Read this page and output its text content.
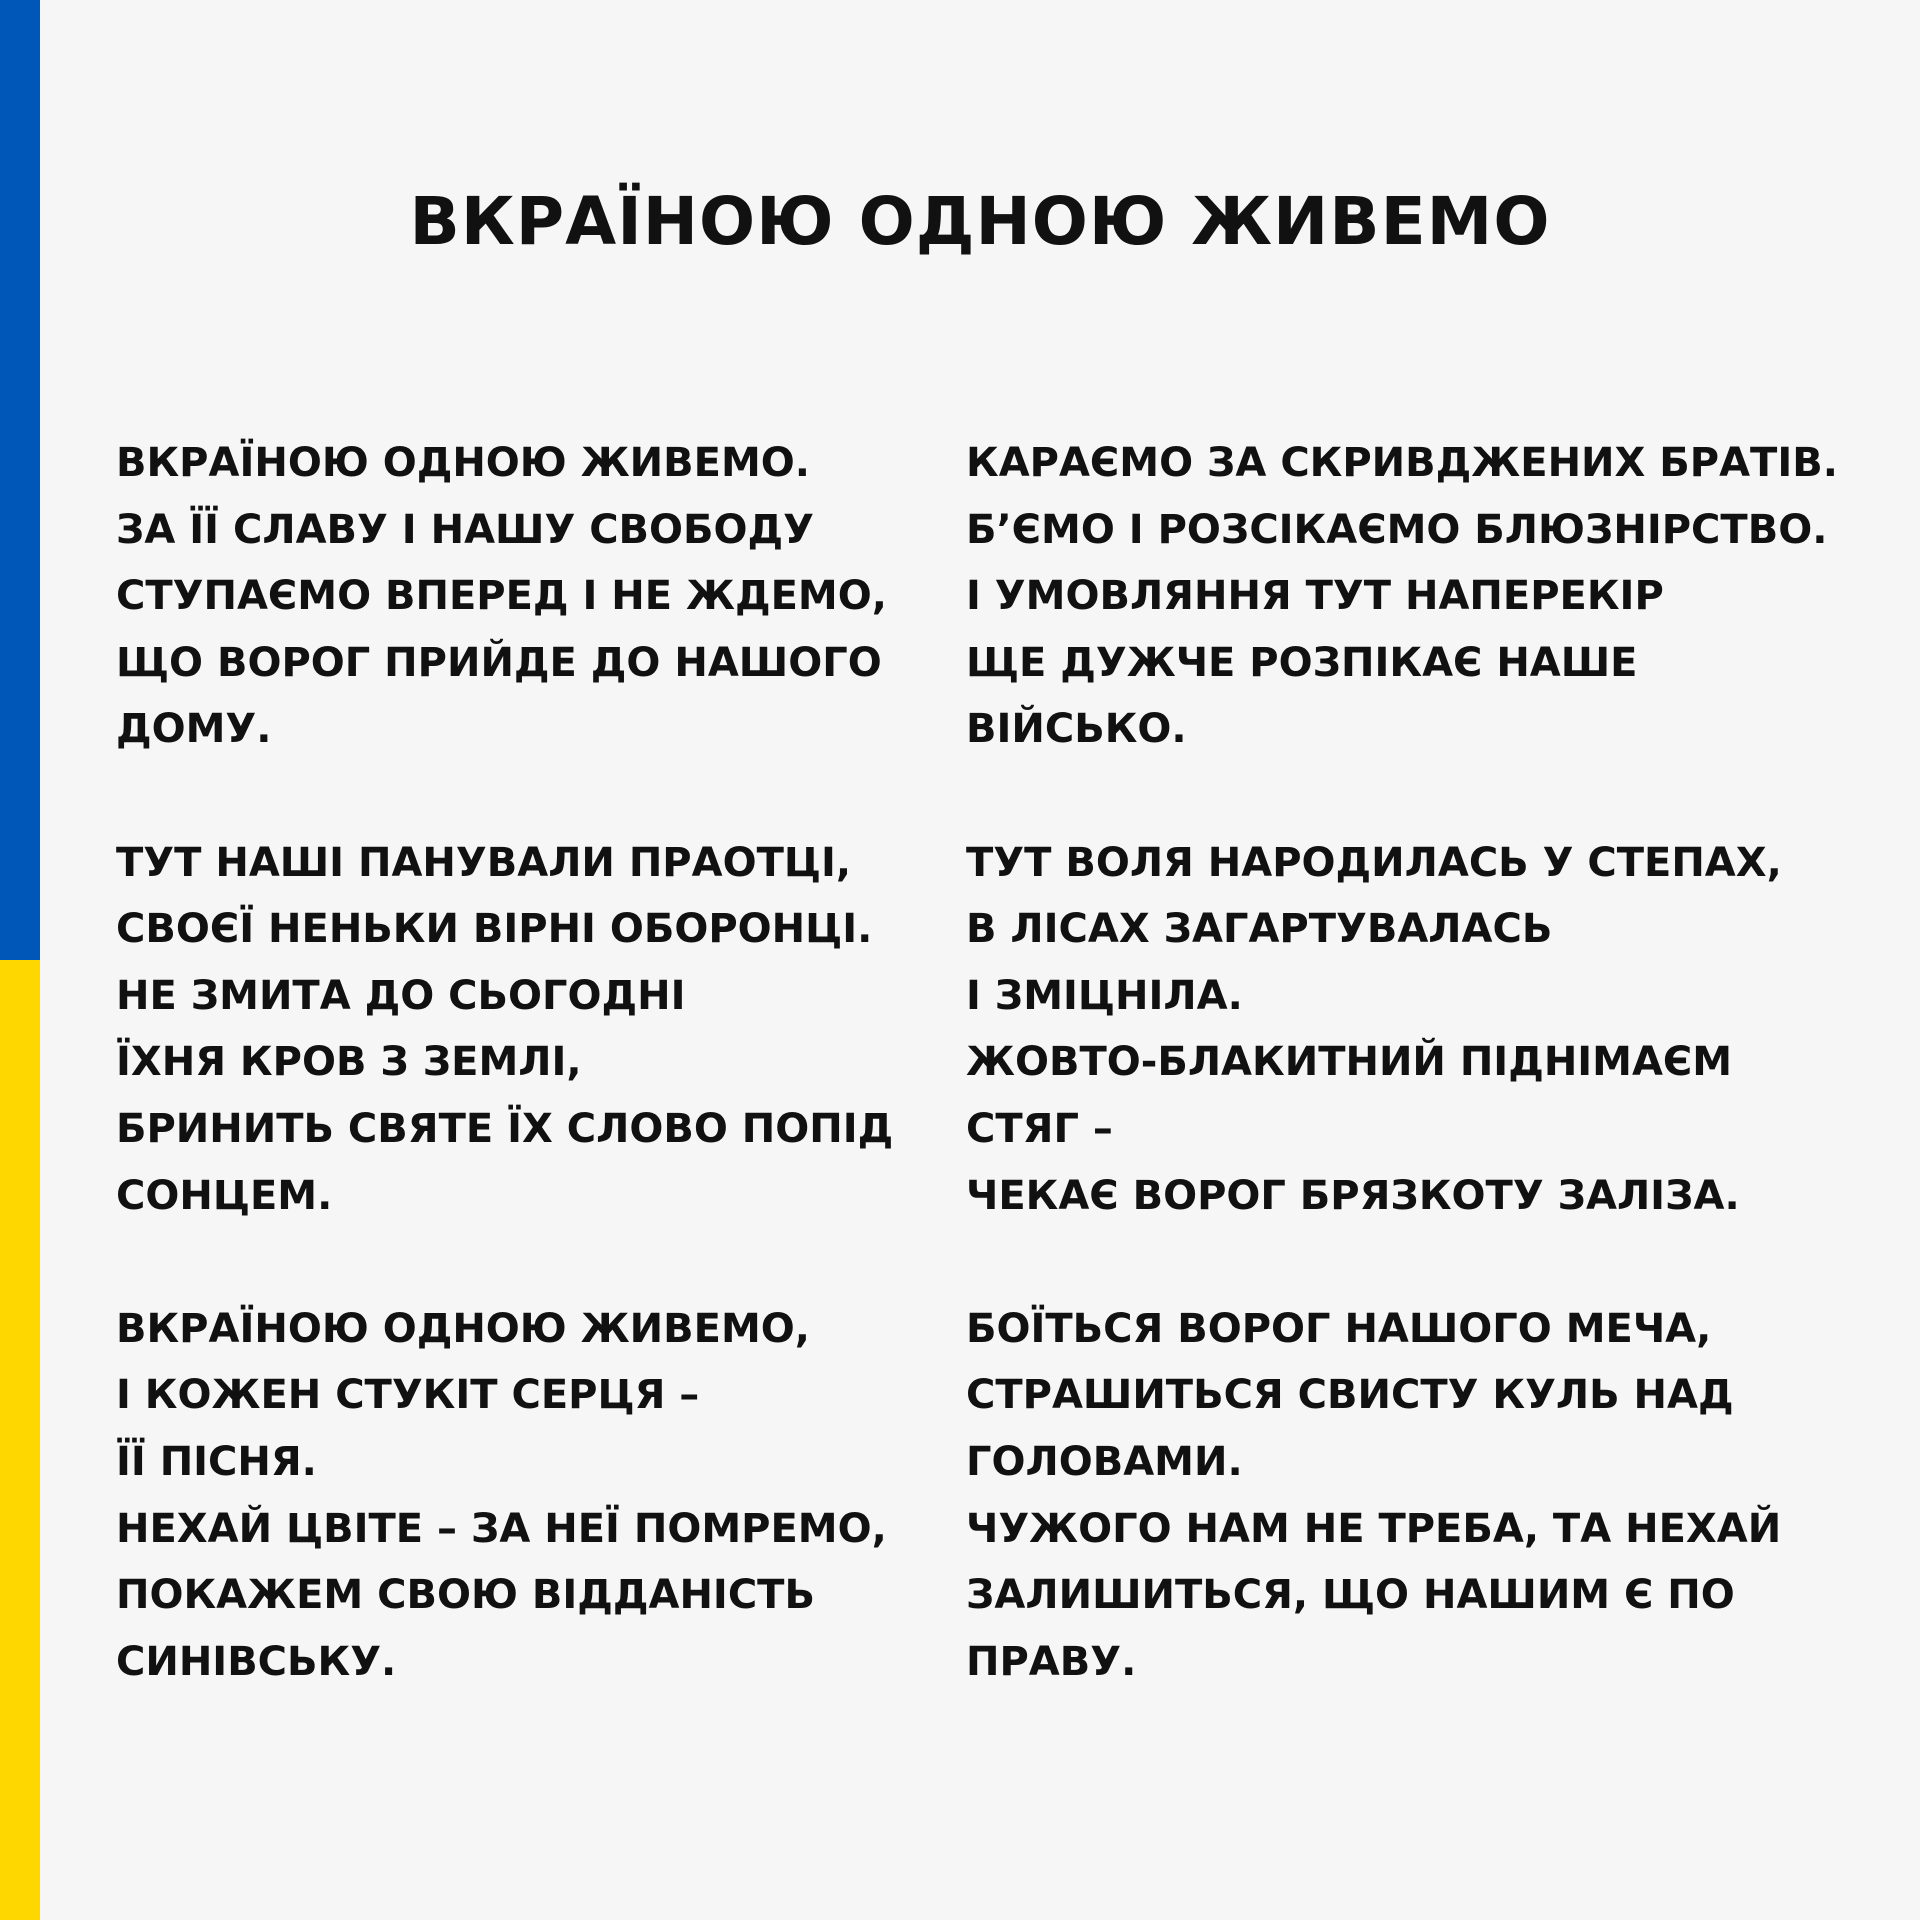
ВКРАЇНОЮ ОДНОЮ ЖИВЕМО
ВКРАЇНОЮ ОДНОЮ ЖИВЕМО.
ЗА ЇЇ СЛАВУ І НАШУ СВОБОДУ
СТУПАЄМО ВПЕРЕД І НЕ ЖДЕМО,
ЩО ВОРОГ ПРИЙДЕ ДО НАШОГО
ДОМУ.
ТУТ НАШІ ПАНУВАЛИ ПРАОТЦІ,
СВОЄЇ НЕНЬКИ ВІРНІ ОБОРОНЦІ.
НЕ ЗМИТА ДО СЬОГОДНІ
ЇХНЯ КРОВ З ЗЕМЛІ,
БРИНИТЬ СВЯТЕ ЇХ СЛОВО ПОПІД
СОНЦЕМ.
ВКРАЇНОЮ ОДНОЮ ЖИВЕМО,
І КОЖЕН СТУКІТ СЕРЦЯ –
ЇЇ ПІСНЯ.
НЕХАЙ ЦВІТЕ – ЗА НЕЇ ПОМРЕМО,
ПОКАЖЕМ СВОЮ ВІДДАНІСТЬ
СИНІВСЬКУ.
КАРАЄМО ЗА СКРИВДЖЕНИХ БРАТІВ.
Б’ЄМО І РОЗСІКАЄМО БЛЮЗНІРСТВО.
І УМОВЛЯННЯ ТУТ НАПЕРЕКІР
ЩЕ ДУЖЧЕ РОЗПІКАЄ НАШЕ
ВІЙСЬКО.
ТУТ ВОЛЯ НАРОДИЛАСЬ У СТЕПАХ,
В ЛІСАХ ЗАГАРТУВАЛАСЬ
І ЗМІЦНІЛА.
ЖОВТО-БЛАКИТНИЙ ПІДНІМАЄМ
СТЯГ –
ЧЕКАЄ ВОРОГ БРЯЗКОТУ ЗАЛІЗА.
БОЇТЬСЯ ВОРОГ НАШОГО МЕЧА,
СТРАШИТЬСЯ СВИСТУ КУЛЬ НАД
ГОЛОВАМИ.
ЧУЖОГО НАМ НЕ ТРЕБА, ТА НЕХАЙ
ЗАЛИШИТЬСЯ, ЩО НАШИМ Є ПО
ПРАВУ.
